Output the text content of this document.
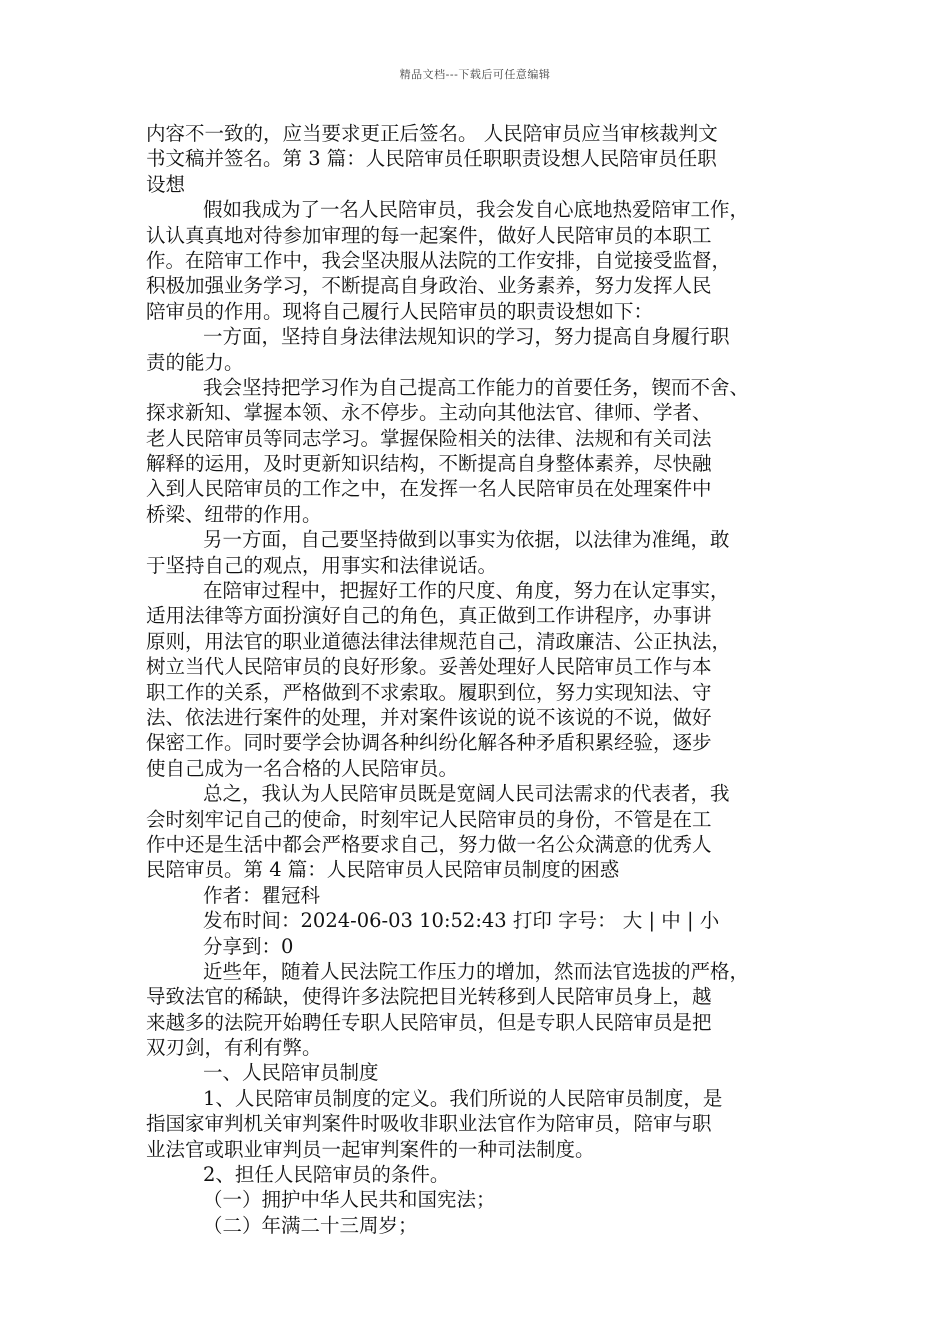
精品文档---下载后可任意编辑
内容不一致的，应当要求更正后签名。 人民陪审员应当审核裁判文
书文稿并签名。第 3 篇：人民陪审员任职职责设想人民陪审员任职
设想
假如我成为了一名人民陪审员，我会发自心底地热爱陪审工作，
认认真真地对待参加审理的每一起案件，做好人民陪审员的本职工
作。在陪审工作中，我会坚决服从法院的工作安排，自觉接受监督，
积极加强业务学习，不断提高自身政治、业务素养，努力发挥人民
陪审员的作用。现将自己履行人民陪审员的职责设想如下：
一方面，坚持自身法律法规知识的学习，努力提高自身履行职
责的能力。
我会坚持把学习作为自己提高工作能力的首要任务，锲而不舍、
探求新知、掌握本领、永不停步。主动向其他法官、律师、学者、
老人民陪审员等同志学习。掌握保险相关的法律、法规和有关司法
解释的运用，及时更新知识结构，不断提高自身整体素养，尽快融
入到人民陪审员的工作之中，在发挥一名人民陪审员在处理案件中
桥梁、纽带的作用。
另一方面，自己要坚持做到以事实为依据，以法律为准绳，敢
于坚持自己的观点，用事实和法律说话。
在陪审过程中，把握好工作的尺度、角度，努力在认定事实，
适用法律等方面扮演好自己的角色，真正做到工作讲程序，办事讲
原则，用法官的职业道德法律法律规范自己，清政廉洁、公正执法，
树立当代人民陪审员的良好形象。妥善处理好人民陪审员工作与本
职工作的关系，严格做到不求索取。履职到位，努力实现知法、守
法、依法进行案件的处理，并对案件该说的说不该说的不说，做好
保密工作。同时要学会协调各种纠纷化解各种矛盾积累经验，逐步
使自己成为一名合格的人民陪审员。
总之，我认为人民陪审员既是宽阔人民司法需求的代表者，我
会时刻牢记自己的使命，时刻牢记人民陪审员的身份，不管是在工
作中还是生活中都会严格要求自己，努力做一名公众满意的优秀人
民陪审员。第 4 篇：人民陪审员人民陪审员制度的困惑
作者：瞿冠科
发布时间：2024-06-03 10:52:43 打印 字号： 大 | 中 | 小
分享到：0
近些年，随着人民法院工作压力的增加，然而法官选拔的严格，
导致法官的稀缺，使得许多法院把目光转移到人民陪审员身上，越
来越多的法院开始聘任专职人民陪审员，但是专职人民陪审员是把
双刃剑，有利有弊。
一、人民陪审员制度
1、人民陪审员制度的定义。我们所说的人民陪审员制度，是
指国家审判机关审判案件时吸收非职业法官作为陪审员，陪审与职
业法官或职业审判员一起审判案件的一种司法制度。
2、担任人民陪审员的条件。
（一）拥护中华人民共和国宪法；
（二）年满二十三周岁；
